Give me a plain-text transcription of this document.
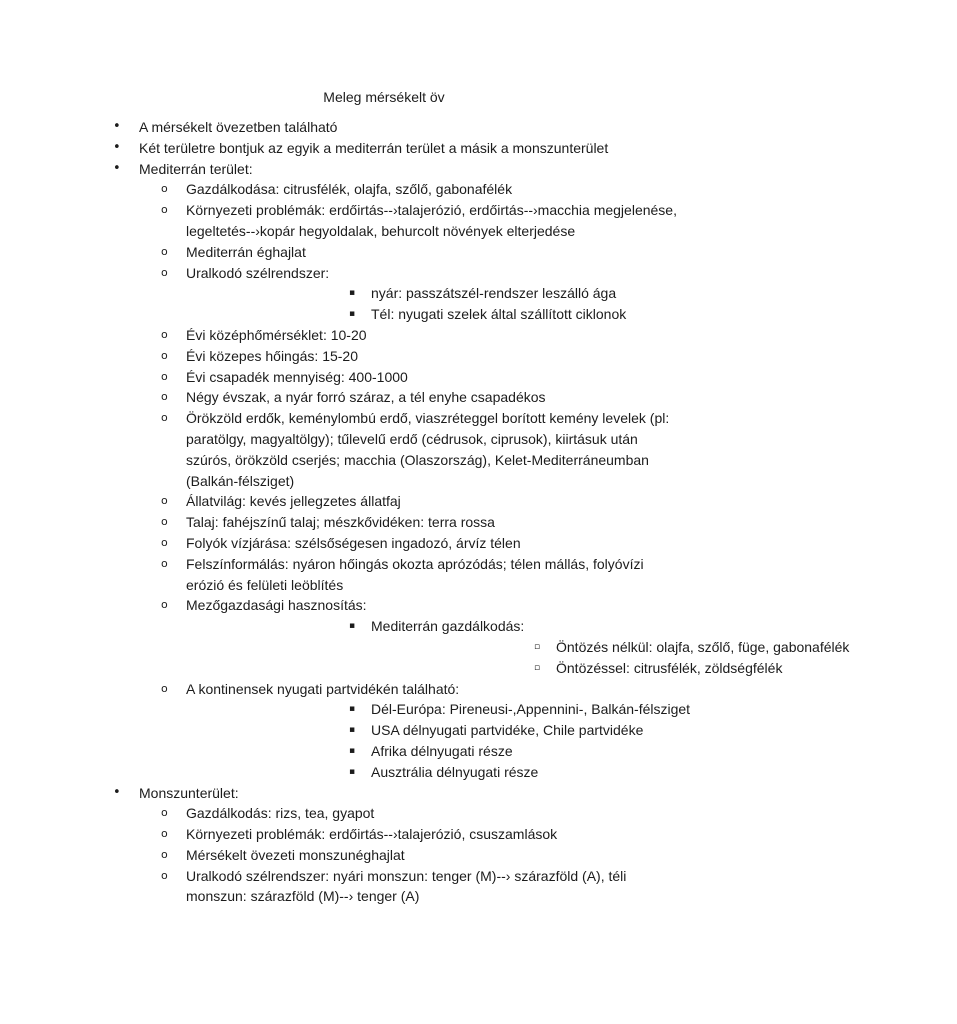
Meleg mérsékelt öv
• A mérsékelt övezetben található
• Két területre bontjuk az egyik a mediterrán terület a másik a monszunterület
• Mediterrán terület:
o Gazdálkodása: citrusfélék, olajfa, szőlő, gabonafélék
o Környezeti problémák: erdőirtás--›talajerózió, erdőirtás--›macchia megjelenése, legeltetés--›kopár hegyoldalak, behurcolt növények elterjedése
o Mediterrán éghajlat
o Uralkodó szélrendszer:
▪ nyár: passzátszél-rendszer leszálló ága
▪ Tél: nyugati szelek által szállított ciklonok
o Évi középhőmérséklet: 10-20
o Évi közepes hőingás: 15-20
o Évi csapadék mennyiség: 400-1000
o Négy évszak, a nyár forró száraz, a tél enyhe csapadékos
o Örökzöld erdők, keménylombú erdő, viaszréteggel borított kemény levelek (pl: paratölgy, magyaltölgy); tűlevelű erdő (cédrusok, ciprusok), kiirtásuk után szúrós, örökzöld cserjés; macchia (Olaszország), Kelet-Mediterráneumban (Balkán-félsziget)
o Állatvilág: kevés jellegzetes állatfaj
o Talaj: fahéjszínű talaj; mészkővidéken: terra rossa
o Folyók vízjárása: szélsőségesen ingadozó, árvíz télen
o Felszínformálás: nyáron hőingás okozta aprózódás; télen mállás, folyóvízi erózió és felületi leöblítés
o Mezőgazdasági hasznosítás:
▪ Mediterrán gazdálkodás:
▫ Öntözés nélkül: olajfa, szőlő, füge, gabonafélék
▫ Öntözéssel: citrusfélék, zöldségfélék
o A kontinensek nyugati partvidékén található:
▪ Dél-Európa: Pireneusi-,Appennini-, Balkán-félsziget
▪ USA délnyugati partvidéke, Chile partvidéke
▪ Afrika délnyugati része
▪ Ausztrália délnyugati része
• Monszunterület:
o Gazdálkodás: rizs, tea, gyapot
o Környezeti problémák: erdőirtás--›talajerózió, csuszamlások
o Mérsékelt övezeti monszunéghajlat
o Uralkodó szélrendszer: nyári monszun: tenger (M)--› szárazföld (A), téli monszun: szárazföld (M)--› tenger (A)
